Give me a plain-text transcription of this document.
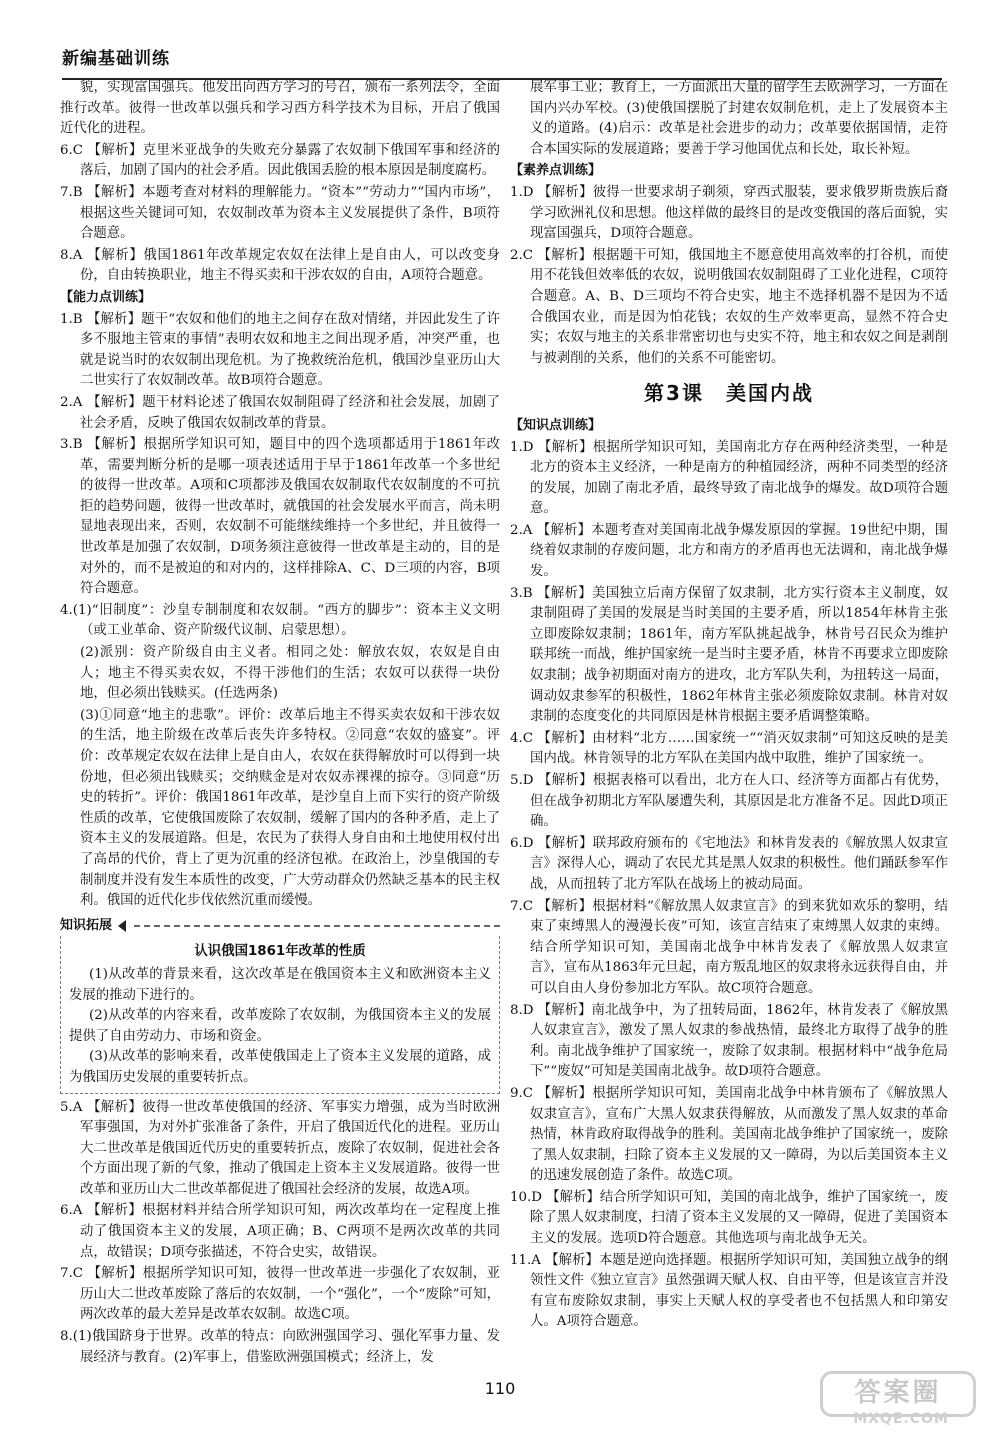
新编基础训练
貌，实现富国强兵。他发出向西方学习的号召，颁布一系列法令，全面推行改革。彼得一世改革以强兵和学习西方科学技术为目标，开启了俄国近代化的进程。
6.C 【解析】克里米亚战争的失败充分暴露了农奴制下俄国军事和经济的落后，加剧了国内的社会矛盾。因此俄国丢脸的根本原因是制度腐朽。
7.B 【解析】本题考查对材料的理解能力。“资本”“劳动力”“国内市场”，根据这些关键词可知，农奴制改革为资本主义发展提供了条件，B项符合题意。
8.A 【解析】俄国1861年改革规定农奴在法律上是自由人，可以改变身份，自由转换职业，地主不得买卖和干涉农奴的自由，A项符合题意。
【能力点训练】
1.B 【解析】题干“农奴和他们的地主之间存在敌对情绪，并因此发生了许多不服地主管束的事情”表明农奴和地主之间出现矛盾，冲突严重，也就是说当时的农奴制出现危机。为了挽救统治危机，俄国沙皇亚历山大二世实行了农奴制改革。故B项符合题意。
2.A 【解析】题干材料论述了俄国农奴制阻碍了经济和社会发展，加剧了社会矛盾，反映了俄国农奴制改革的背景。
3.B 【解析】根据所学知识可知，题目中的四个选项都适用于1861年改革，需要判断分析的是哪一项表述适用于早于1861年改革一个多世纪的彼得一世改革。A项和C项都涉及俄国农奴制取代农奴制度的不可抗拒的趋势问题，彼得一世改革时，就俄国的社会发展水平而言，尚未明显地表现出来，否则，农奴制不可能继续维持一个多世纪，并且彼得一世改革是加强了农奴制，D项务须注意彼得一世改革是主动的，目的是对外的，而不是被迫的和对内的，这样排除A、C、D三项的内容，B项符合题意。
4.(1)“旧制度”：沙皇专制制度和农奴制。“西方的脚步”：资本主义文明（或工业革命、资产阶级代议制、启蒙思想）。
(2)派别：资产阶级自由主义者。相同之处：解放农奴，农奴是自由人；地主不得买卖农奴，不得干涉他们的生活；农奴可以获得一块份地，但必须出钱赎买。(任选两条)
(3)①同意“地主的悲歌”。评价：改革后地主不得买卖农奴和干涉农奴的生活，地主阶级在改革后丧失许多特权。②同意“农奴的盛宴”。评价：改革规定农奴在法律上是自由人，农奴在获得解放时可以得到一块份地，但必须出钱赎买；交纳赎金是对农奴赤裸裸的掠夺。③同意“历史的转折”。评价：俄国1861年改革，是沙皇自上而下实行的资产阶级性质的改革，它使俄国废除了农奴制，缓解了国内的各种矛盾，走上了资本主义的发展道路。但是，农民为了获得人身自由和土地使用权付出了高昂的代价，背上了更为沉重的经济包袱。在政治上，沙皇俄国的专制制度并没有发生本质性的改变，广大劳动群众仍然缺乏基本的民主权利。俄国的近代化步伐依然沉重而缓慢。
知识拓展
认识俄国1861年改革的性质

(1)从改革的背景来看，这次改革是在俄国资本主义和欧洲资本主义发展的推动下进行的。

(2)从改革的内容来看，改革废除了农奴制，为俄国资本主义的发展提供了自由劳动力、市场和资金。

(3)从改革的影响来看，改革使俄国走上了资本主义发展的道路，成为俄国历史发展的重要转折点。

5.A 【解析】彼得一世改革使俄国的经济、军事实力增强，成为当时欧洲军事强国，为对外扩张准备了条件，开启了俄国近代化的进程。亚历山大二世改革是俄国近代历史的重要转折点，废除了农奴制，促进社会各个方面出现了新的气象，推动了俄国走上资本主义发展道路。彼得一世改革和亚历山大二世改革都促进了俄国社会经济的发展，故选A项。
6.A 【解析】根据材料并结合所学知识可知，两次改革均在一定程度上推动了俄国资本主义的发展，A项正确；B、C两项不是两次改革的共同点，故错误；D项夸张描述，不符合史实，故错误。
7.C 【解析】根据所学知识可知，彼得一世改革进一步强化了农奴制，亚历山大二世改革废除了落后的农奴制，一个“强化”，一个“废除”可知，两次改革的最大差异是改革农奴制。故选C项。
8.(1)俄国跻身于世界。改革的特点：向欧洲强国学习、强化军事力量、发展经济与教育。(2)军事上，借鉴欧洲强国模式；经济上，发
展军事工业；教育上，一方面派出大量的留学生去欧洲学习，一方面在国内兴办军校。(3)使俄国摆脱了封建农奴制危机，走上了发展资本主义的道路。(4)启示：改革是社会进步的动力；改革要依据国情，走符合本国实际的发展道路；要善于学习他国优点和长处，取长补短。
【素养点训练】
1.D 【解析】彼得一世要求胡子剃须，穿西式服装，要求俄罗斯贵族后裔学习欧洲礼仪和思想。他这样做的最终目的是改变俄国的落后面貌，实现富国强兵，D项符合题意。
2.C 【解析】根据题干可知，俄国地主不愿意使用高效率的打谷机，而使用不花钱但效率低的农奴，说明俄国农奴制阻碍了工业化进程，C项符合题意。A、B、D三项均不符合史实，地主不选择机器不是因为不适合俄国农业，而是因为怕花钱；农奴的生产效率更高，显然不符合史实；农奴与地主的关系非常密切也与史实不符，地主和农奴之间是剥削与被剥削的关系，他们的关系不可能密切。
第3课　美国内战
【知识点训练】
1.D 【解析】根据所学知识可知，美国南北方存在两种经济类型，一种是北方的资本主义经济，一种是南方的种植园经济，两种不同类型的经济的发展，加剧了南北矛盾，最终导致了南北战争的爆发。故D项符合题意。
2.A 【解析】本题考查对美国南北战争爆发原因的掌握。19世纪中期，围绕着奴隶制的存废问题，北方和南方的矛盾再也无法调和，南北战争爆发。
3.B 【解析】美国独立后南方保留了奴隶制，北方实行资本主义制度，奴隶制阻碍了美国的发展是当时美国的主要矛盾，所以1854年林肯主张立即废除奴隶制；1861年，南方军队挑起战争，林肯号召民众为维护联邦统一而战，维护国家统一是当时主要矛盾，林肯不再要求立即废除奴隶制；战争初期面对南方的进攻，北方军队失利，为扭转这一局面，调动奴隶参军的积极性，1862年林肯主张必须废除奴隶制。林肯对奴隶制的态度变化的共同原因是林肯根据主要矛盾调整策略。
4.C 【解析】由材料“北方……国家统一”“消灭奴隶制”可知这反映的是美国内战。林肯领导的北方军队在美国内战中取胜，维护了国家统一。
5.D 【解析】根据表格可以看出，北方在人口、经济等方面都占有优势，但在战争初期北方军队屡遭失利，其原因是北方准备不足。因此D项正确。
6.D 【解析】联邦政府颁布的《宅地法》和林肯发表的《解放黑人奴隶宣言》深得人心，调动了农民尤其是黑人奴隶的积极性。他们踊跃参军作战，从而扭转了北方军队在战场上的被动局面。
7.C 【解析】根据材料“《解放黑人奴隶宣言》的到来犹如欢乐的黎明，结束了束缚黑人的漫漫长夜”可知，该宣言结束了束缚黑人奴隶的束缚。结合所学知识可知，美国南北战争中林肯发表了《解放黑人奴隶宣言》，宣布从1863年元旦起，南方叛乱地区的奴隶将永远获得自由，并可以自由人身份参加北方军队。故C项符合题意。
8.D 【解析】南北战争中，为了扭转局面，1862年，林肯发表了《解放黑人奴隶宣言》，激发了黑人奴隶的参战热情，最终北方取得了战争的胜利。南北战争维护了国家统一，废除了奴隶制。根据材料中“战争危局下”“废奴”可知是美国南北战争。故D项符合题意。
9.C 【解析】根据所学知识可知，美国南北战争中林肯颁布了《解放黑人奴隶宣言》，宣布广大黑人奴隶获得解放，从而激发了黑人奴隶的革命热情，林肯政府取得战争的胜利。美国南北战争维护了国家统一，废除了黑人奴隶制，扫除了资本主义发展的又一障碍，为以后美国资本主义的迅速发展创造了条件。故选C项。
10.D 【解析】结合所学知识可知，美国的南北战争，维护了国家统一，废除了黑人奴隶制度，扫清了资本主义发展的又一障碍，促进了美国资本主义的发展。选项D符合题意。其他选项与南北战争无关。
11.A 【解析】本题是逆向选择题。根据所学知识可知，美国独立战争的纲领性文件《独立宣言》虽然强调天赋人权、自由平等，但是该宣言并没有宣布废除奴隶制，事实上天赋人权的享受者也不包括黑人和印第安人。A项符合题意。
110	答案圈
MXQE.COM
